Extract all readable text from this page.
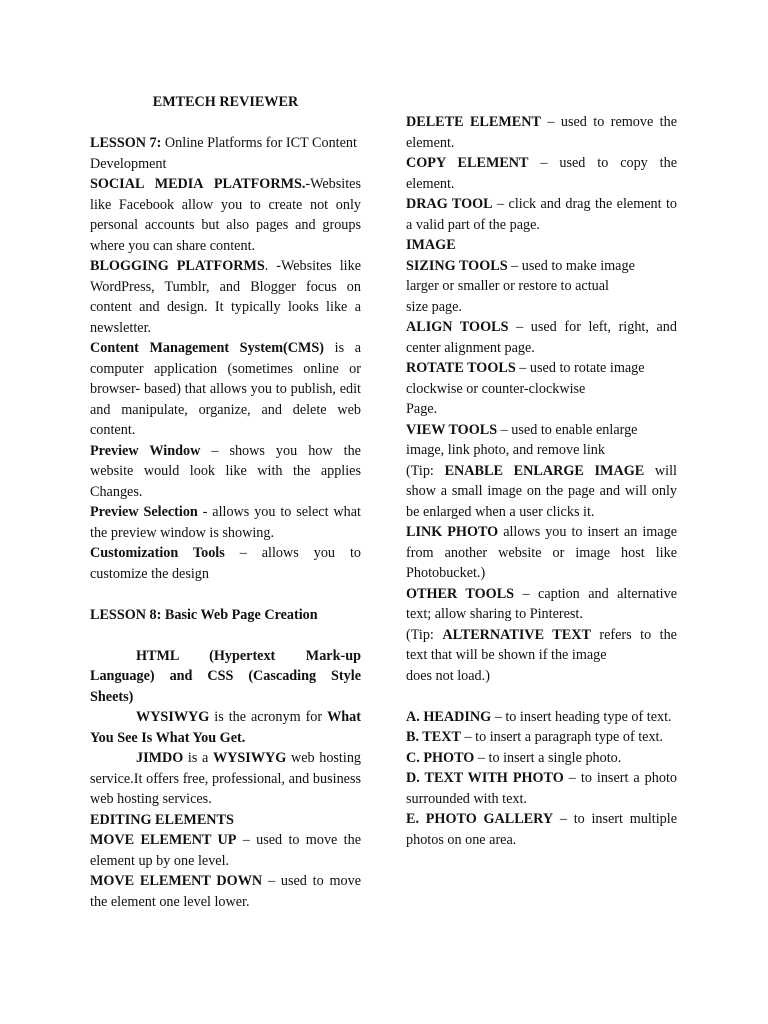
EMTECH REVIEWER

LESSON 7: Online Platforms for ICT Content Development

SOCIAL MEDIA PLATFORMS.-Websites like Facebook allow you to create not only personal accounts but also pages and groups where you can share content.

BLOGGING PLATFORMS. -Websites like WordPress, Tumblr, and Blogger focus on content and design. It typically looks like a newsletter.

Content Management System(CMS) is a computer application (sometimes online or browser- based) that allows you to publish, edit and manipulate, organize, and delete web content.

Preview Window – shows you how the website would look like with the applies Changes.

Preview Selection - allows you to select what the preview window is showing.

Customization Tools – allows you to customize the design

LESSON 8: Basic Web Page Creation

HTML (Hypertext Mark-up Language) and CSS (Cascading Style Sheets)

WYSIWYG is the acronym for What You See Is What You Get.

JIMDO is a WYSIWYG web hosting service.It offers free, professional, and business web hosting services.

EDITING ELEMENTS

MOVE ELEMENT UP – used to move the element up by one level.

MOVE ELEMENT DOWN – used to move the element one level lower.

DELETE ELEMENT – used to remove the element.

COPY ELEMENT – used to copy the element.

DRAG TOOL – click and drag the element to a valid part of the page.

IMAGE

SIZING TOOLS – used to make image
larger or smaller or restore to actual
size page.

ALIGN TOOLS – used for left, right, and center alignment page.

ROTATE TOOLS – used to rotate image
clockwise or counter-clockwise
Page.

VIEW TOOLS – used to enable enlarge
image, link photo, and remove link

(Tip: ENABLE ENLARGE IMAGE will show a small image on the page and will only be enlarged when a user clicks it.

LINK PHOTO allows you to insert an image from another website or image host like Photobucket.)

OTHER TOOLS – caption and alternative text; allow sharing to Pinterest.

(Tip: ALTERNATIVE TEXT refers to the text that will be shown if the image
does not load.)

A. HEADING – to insert heading type of text.

B. TEXT – to insert a paragraph type of text.

C. PHOTO – to insert a single photo.

D. TEXT WITH PHOTO – to insert a photo surrounded with text.

E. PHOTO GALLERY – to insert multiple photos on one area.
